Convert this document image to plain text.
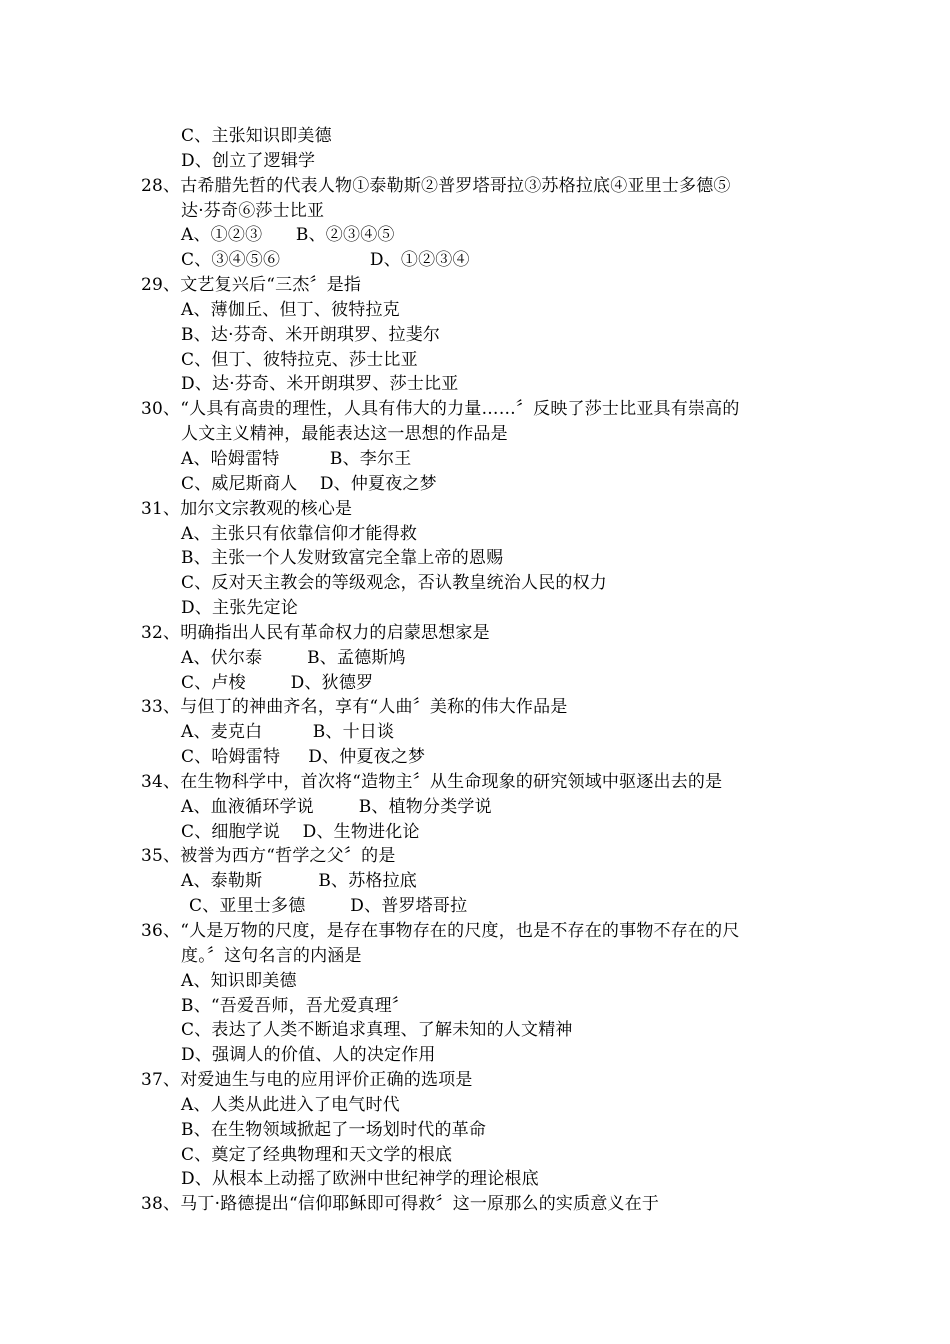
C、主张知识即美德
D、创立了逻辑学
28、古希腊先哲的代表人物①泰勒斯②普罗塔哥拉③苏格拉底④亚里士多德⑤
达·芬奇⑥莎士比亚
A、①②③      B、②③④⑤
C、③④⑤⑥                D、①②③④
29、文艺复兴后“三杰〞是指
A、薄伽丘、但丁、彼特拉克
B、达·芬奇、米开朗琪罗、拉斐尔
C、但丁、彼特拉克、莎士比亚
D、达·芬奇、米开朗琪罗、莎士比亚
30、“人具有高贵的理性，人具有伟大的力量……〞反映了莎士比亚具有崇高的
人文主义精神，最能表达这一思想的作品是
A、哈姆雷特         B、李尔王
C、威尼斯商人    D、仲夏夜之梦
31、加尔文宗教观的核心是
A、主张只有依靠信仰才能得救
B、主张一个人发财致富完全靠上帝的恩赐
C、反对天主教会的等级观念，否认教皇统治人民的权力
D、主张先定论
32、明确指出人民有革命权力的启蒙思想家是
A、伏尔泰        B、孟德斯鸠
C、卢梭        D、狄德罗
33、与但丁的神曲齐名，享有“人曲〞美称的伟大作品是
A、麦克白         B、十日谈
C、哈姆雷特     D、仲夏夜之梦
34、在生物科学中，首次将“造物主〞从生命现象的研究领域中驱逐出去的是
A、血液循环学说        B、植物分类学说
C、细胞学说    D、生物进化论
35、被誉为西方“哲学之父〞的是
A、泰勒斯          B、苏格拉底
C、亚里士多德        D、普罗塔哥拉
36、“人是万物的尺度，是存在事物存在的尺度，也是不存在的事物不存在的尺
度。〞这句名言的内涵是
A、知识即美德
B、“吾爱吾师，吾尤爱真理〞
C、表达了人类不断追求真理、了解未知的人文精神
D、强调人的价值、人的决定作用
37、对爱迪生与电的应用评价正确的选项是
A、人类从此进入了电气时代
B、在生物领域掀起了一场划时代的革命
C、奠定了经典物理和天文学的根底
D、从根本上动摇了欧洲中世纪神学的理论根底
38、马丁·路德提出“信仰耶稣即可得救〞这一原那么的实质意义在于
